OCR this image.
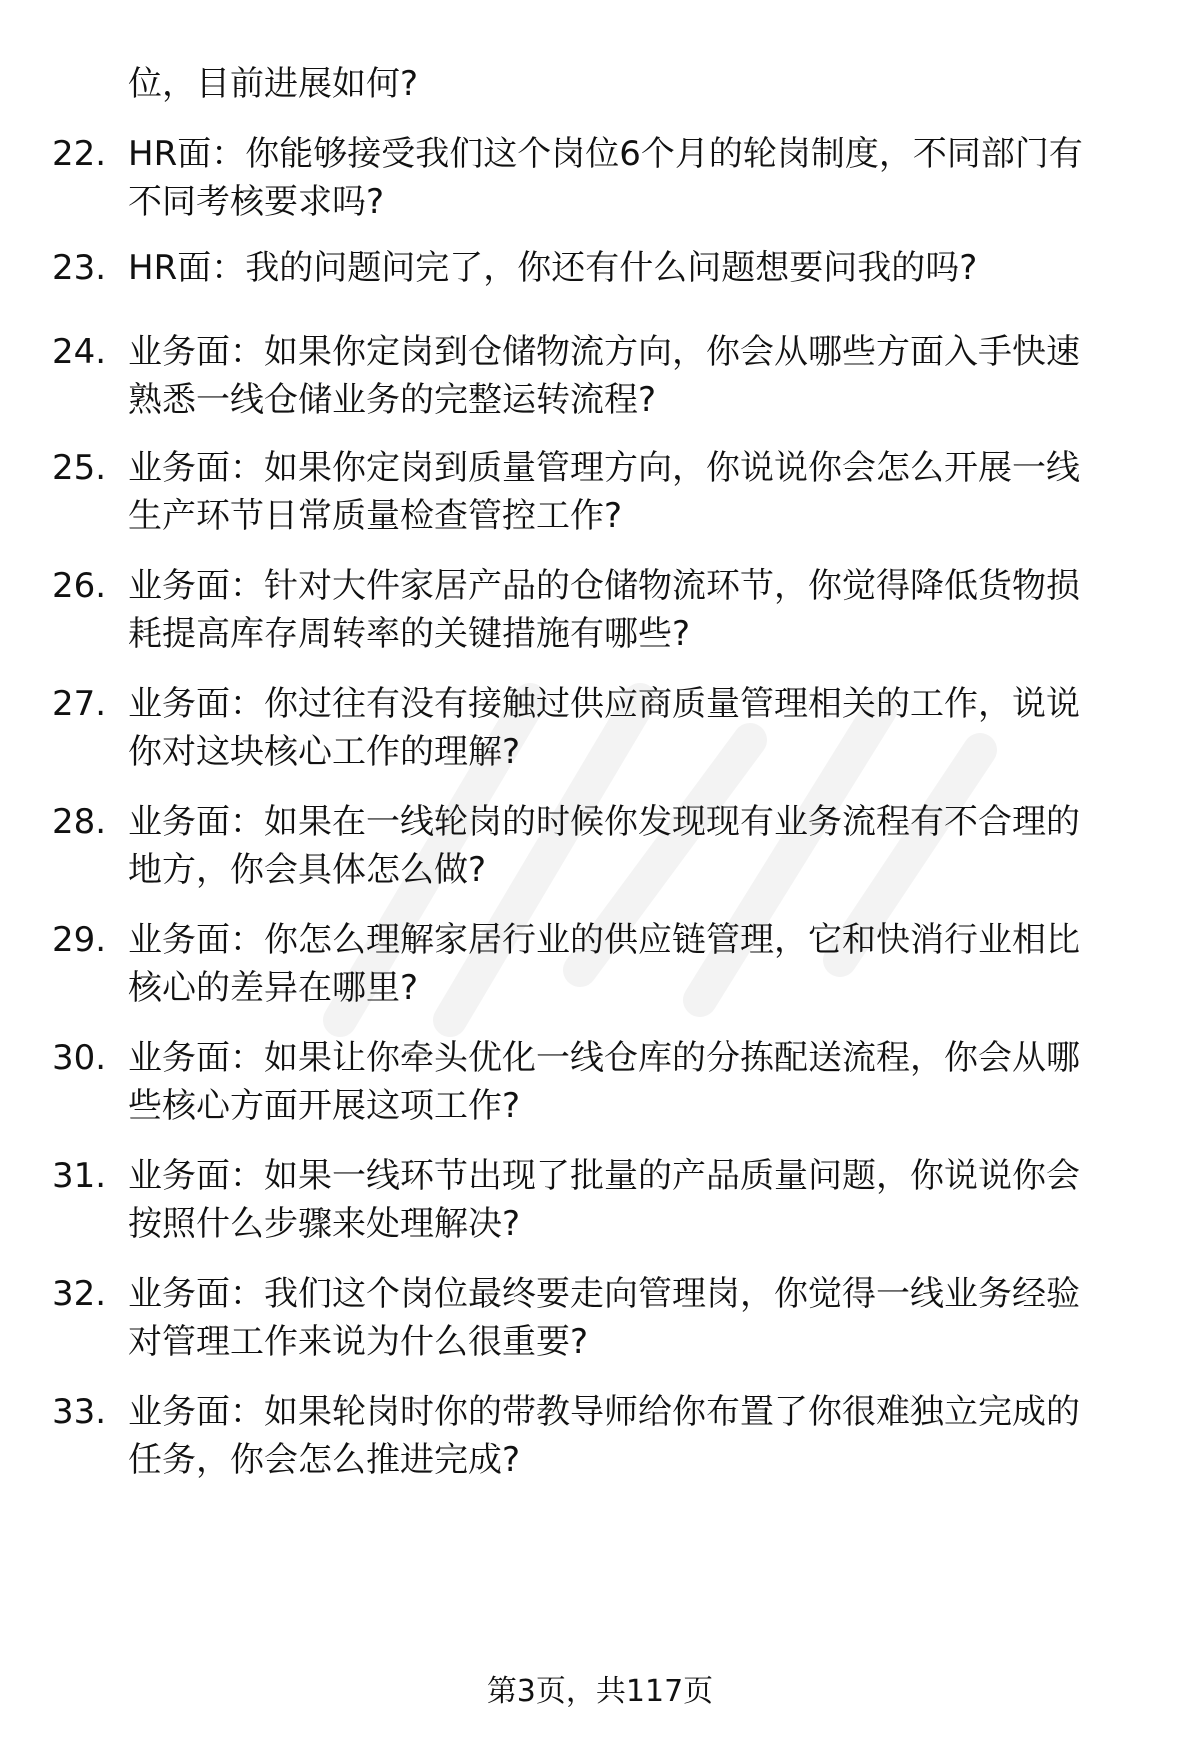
位，目前进展如何?
22. HR面：你能够接受我们这个岗位6个月的轮岗制度，不同部门有
不同考核要求吗?
23. HR面：我的问题问完了，你还有什么问题想要问我的吗?
24. 业务面：如果你定岗到仓储物流方向，你会从哪些方面入手快速
熟悉一线仓储业务的完整运转流程?
25. 业务面：如果你定岗到质量管理方向，你说说你会怎么开展一线
生产环节日常质量检查管控工作?
26. 业务面：针对大件家居产品的仓储物流环节，你觉得降低货物损
耗提高库存周转率的关键措施有哪些?
27. 业务面：你过往有没有接触过供应商质量管理相关的工作，说说
你对这块核心工作的理解?
28. 业务面：如果在一线轮岗的时候你发现现有业务流程有不合理的
地方，你会具体怎么做?
29. 业务面：你怎么理解家居行业的供应链管理，它和快消行业相比
核心的差异在哪里?
30. 业务面：如果让你牵头优化一线仓库的分拣配送流程，你会从哪
些核心方面开展这项工作?
31. 业务面：如果一线环节出现了批量的产品质量问题，你说说你会
按照什么步骤来处理解决?
32. 业务面：我们这个岗位最终要走向管理岗，你觉得一线业务经验
对管理工作来说为什么很重要?
33. 业务面：如果轮岗时你的带教导师给你布置了你很难独立完成的
任务，你会怎么推进完成?
第3页，共117页
